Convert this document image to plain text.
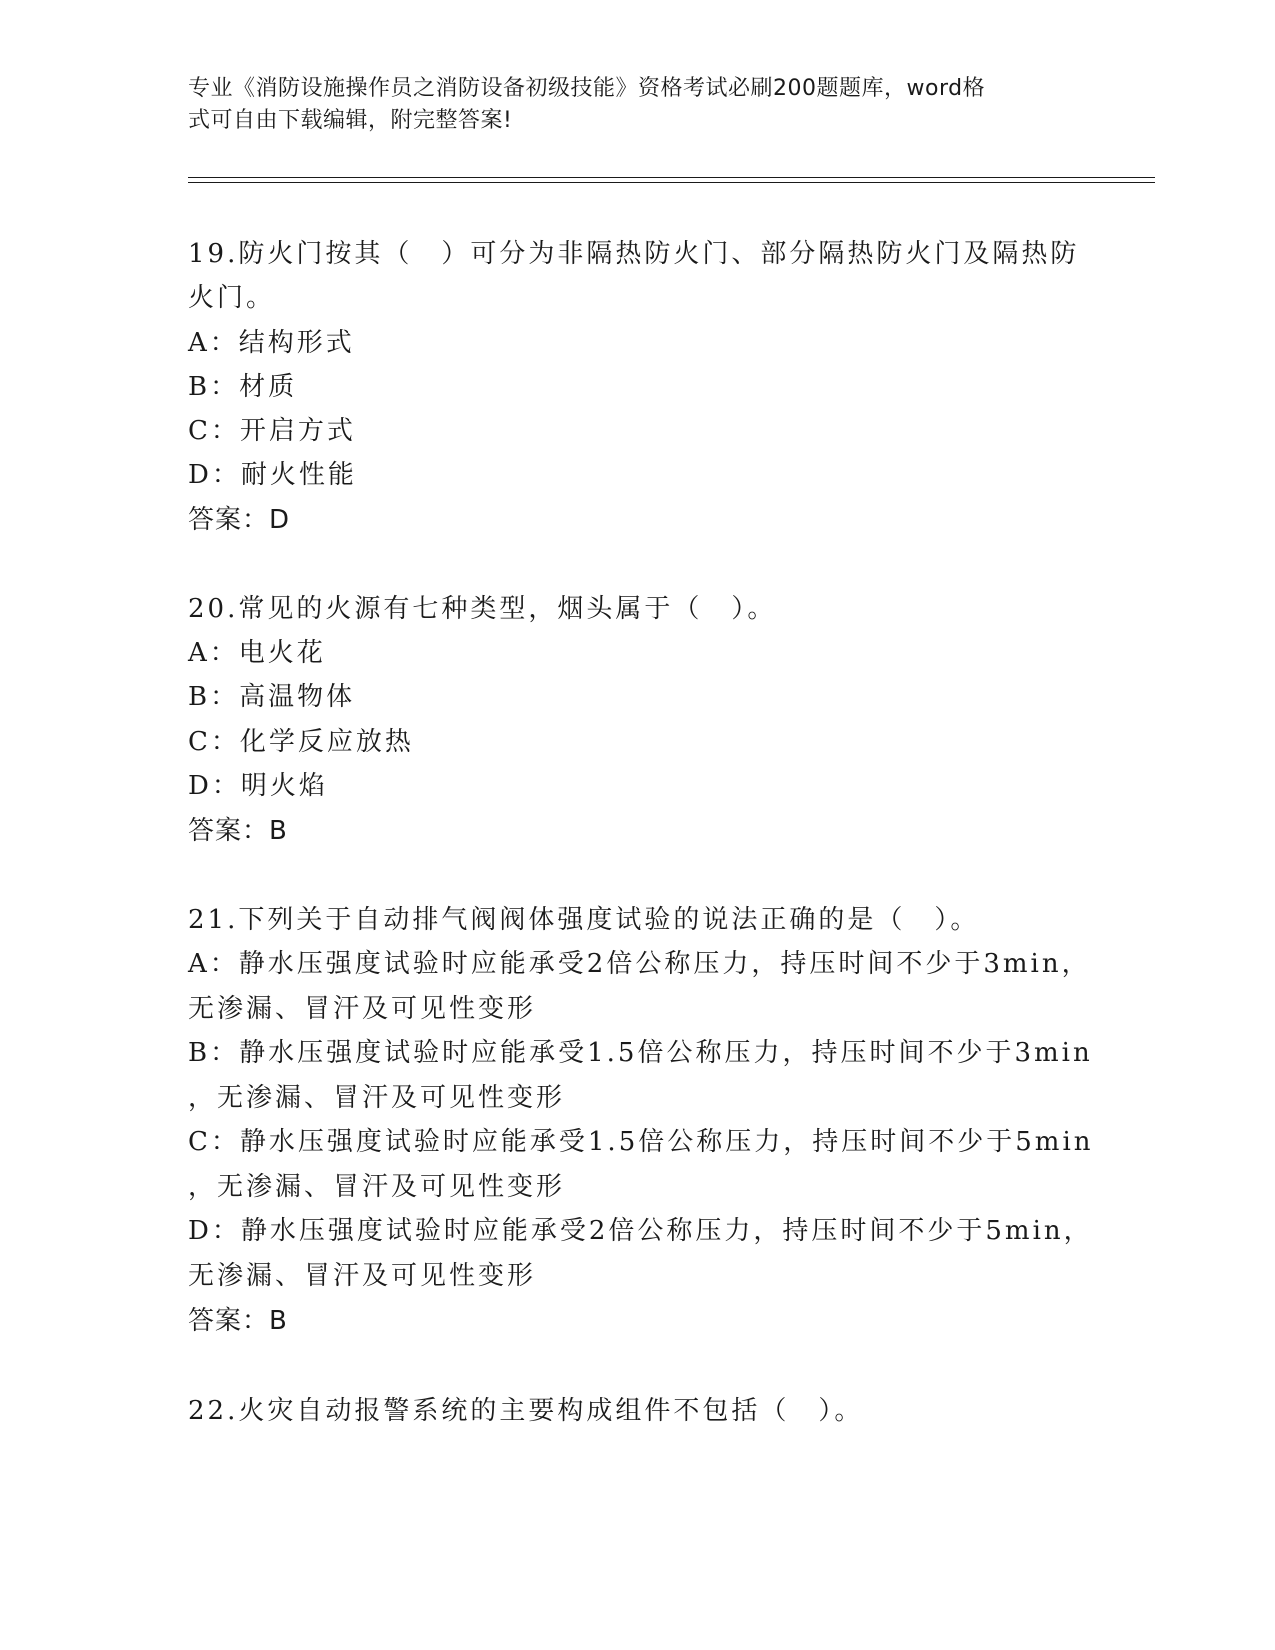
专业《消防设施操作员之消防设备初级技能》资格考试必刷200题题库，word格
式可自由下载编辑，附完整答案!
19.防火门按其（　）可分为非隔热防火门、部分隔热防火门及隔热防
火门。
A：结构形式
B：材质
C：开启方式
D：耐火性能
答案：D
20.常见的火源有七种类型，烟头属于（　）。
A：电火花
B：高温物体
C：化学反应放热
D：明火焰
答案：B
21.下列关于自动排气阀阀体强度试验的说法正确的是（　）。
A：静水压强度试验时应能承受2倍公称压力，持压时间不少于3min，
无渗漏、冒汗及可见性变形
B：静水压强度试验时应能承受1.5倍公称压力，持压时间不少于3min
，无渗漏、冒汗及可见性变形
C：静水压强度试验时应能承受1.5倍公称压力，持压时间不少于5min
，无渗漏、冒汗及可见性变形
D：静水压强度试验时应能承受2倍公称压力，持压时间不少于5min，
无渗漏、冒汗及可见性变形
答案：B
22.火灾自动报警系统的主要构成组件不包括（　）。
